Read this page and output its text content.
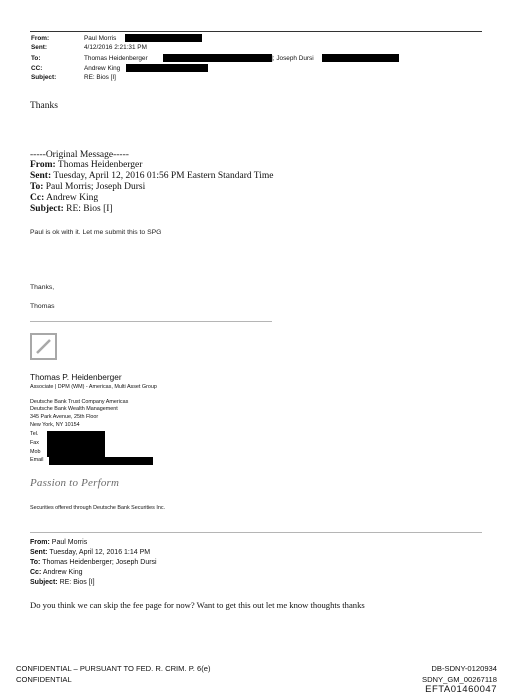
From:	Paul Morris
Sent:	4/12/2016 2:21:31 PM
To:	Thomas Heidenberger	]; Joseph Dursi
CC:	Andrew King
Subject:	RE: Bios [I]
Thanks
-----Original Message-----
From: Thomas Heidenberger
Sent: Tuesday, April 12, 2016 01:56 PM Eastern Standard Time
To: Paul Morris; Joseph Dursi
Cc: Andrew King
Subject: RE: Bios [I]
Paul is ok with it. Let me submit this to SPG
Thanks,
Thomas
Thomas P. Heidenberger
Associate | DPM (WM) - Americas, Multi Asset Group
Deutsche Bank Trust Company Americas
Deutsche Bank Wealth Management
345 Park Avenue, 25th Floor
New York, NY 10154
Tel.
Fax
Mob
Email
Passion to Perform
Securities offered through Deutsche Bank Securities Inc.
From: Paul Morris
Sent: Tuesday, April 12, 2016 1:14 PM
To: Thomas Heidenberger; Joseph Dursi
Cc: Andrew King
Subject: RE: Bios [I]
Do you think we can skip the fee page for now? Want to get this out let me know thoughts thanks
CONFIDENTIAL – PURSUANT TO FED. R. CRIM. P. 6(e)
CONFIDENTIAL
DB-SDNY-0120934
SDNY_GM_00267118
EFTA01460047
